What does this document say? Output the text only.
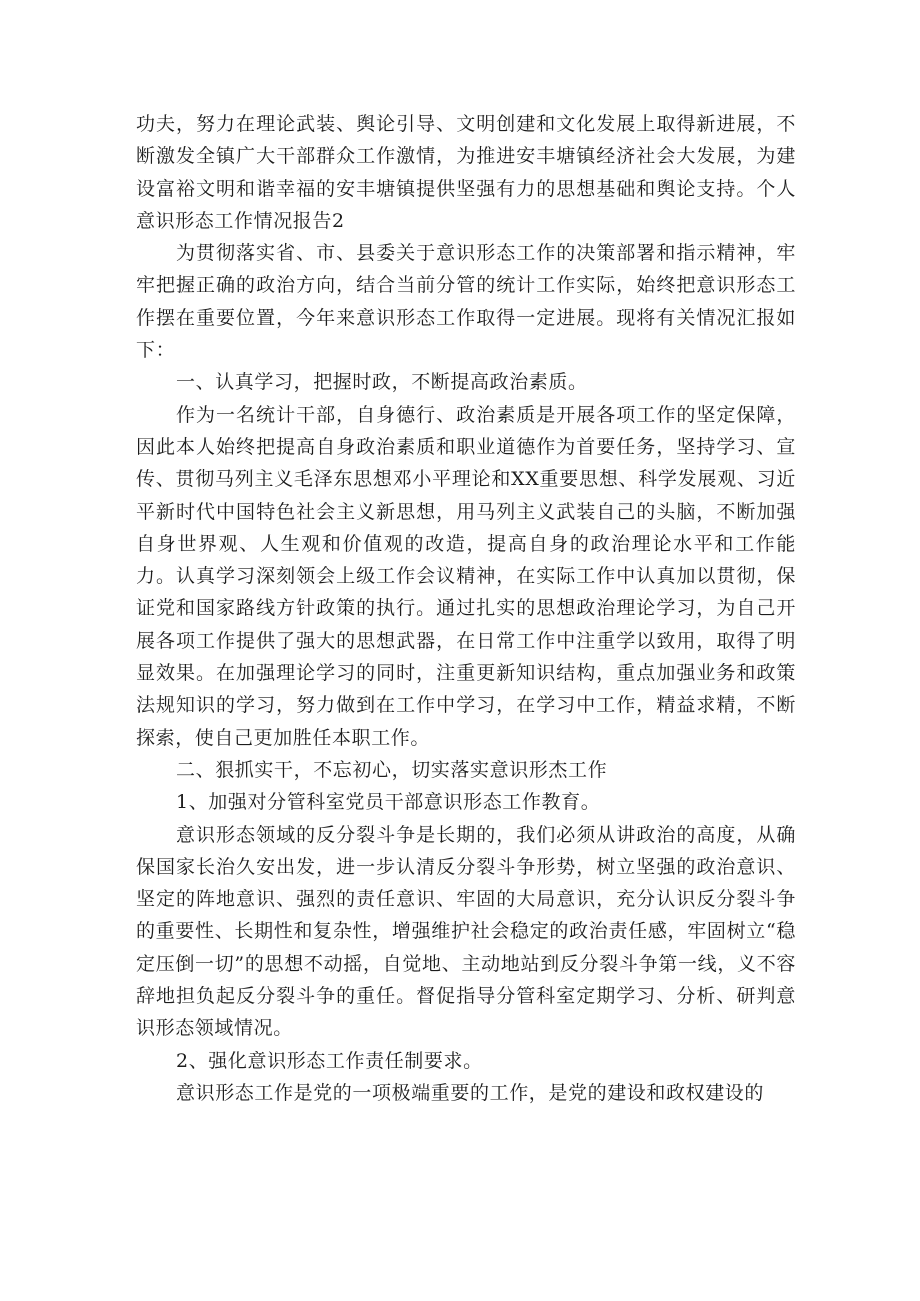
功夫，努力在理论武装、舆论引导、文明创建和文化发展上取得新进展，不断激发全镇广大干部群众工作激情，为推进安丰塘镇经济社会大发展，为建设富裕文明和谐幸福的安丰塘镇提供坚强有力的思想基础和舆论支持。个人意识形态工作情况报告2

为贯彻落实省、市、县委关于意识形态工作的决策部署和指示精神，牢牢把握正确的政治方向，结合当前分管的统计工作实际，始终把意识形态工作摆在重要位置，今年来意识形态工作取得一定进展。现将有关情况汇报如下：

一、认真学习，把握时政，不断提高政治素质。

作为一名统计干部，自身德行、政治素质是开展各项工作的坚定保障，因此本人始终把提高自身政治素质和职业道德作为首要任务，坚持学习、宣传、贯彻马列主义毛泽东思想邓小平理论和XX重要思想、科学发展观、习近平新时代中国特色社会主义新思想，用马列主义武装自己的头脑，不断加强自身世界观、人生观和价值观的改造，提高自身的政治理论水平和工作能力。认真学习深刻领会上级工作会议精神，在实际工作中认真加以贯彻，保证党和国家路线方针政策的执行。通过扎实的思想政治理论学习，为自己开展各项工作提供了强大的思想武器，在日常工作中注重学以致用，取得了明显效果。在加强理论学习的同时，注重更新知识结构，重点加强业务和政策法规知识的学习，努力做到在工作中学习，在学习中工作，精益求精，不断探索，使自己更加胜任本职工作。

二、狠抓实干，不忘初心，切实落实意识形杰工作

1、加强对分管科室党员干部意识形态工作教育。

意识形态领域的反分裂斗争是长期的，我们必须从讲政治的高度，从确保国家长治久安出发，进一步认清反分裂斗争形势，树立坚强的政治意识、坚定的阵地意识、强烈的责任意识、牢固的大局意识，充分认识反分裂斗争的重要性、长期性和复杂性，增强维护社会稳定的政治责任感，牢固树立“稳定压倒一切”的思想不动摇，自觉地、主动地站到反分裂斗争第一线，义不容辞地担负起反分裂斗争的重任。督促指导分管科室定期学习、分析、研判意识形态领域情况。

2、强化意识形态工作责任制要求。

意识形态工作是党的一项极端重要的工作，是党的建设和政权建设的
